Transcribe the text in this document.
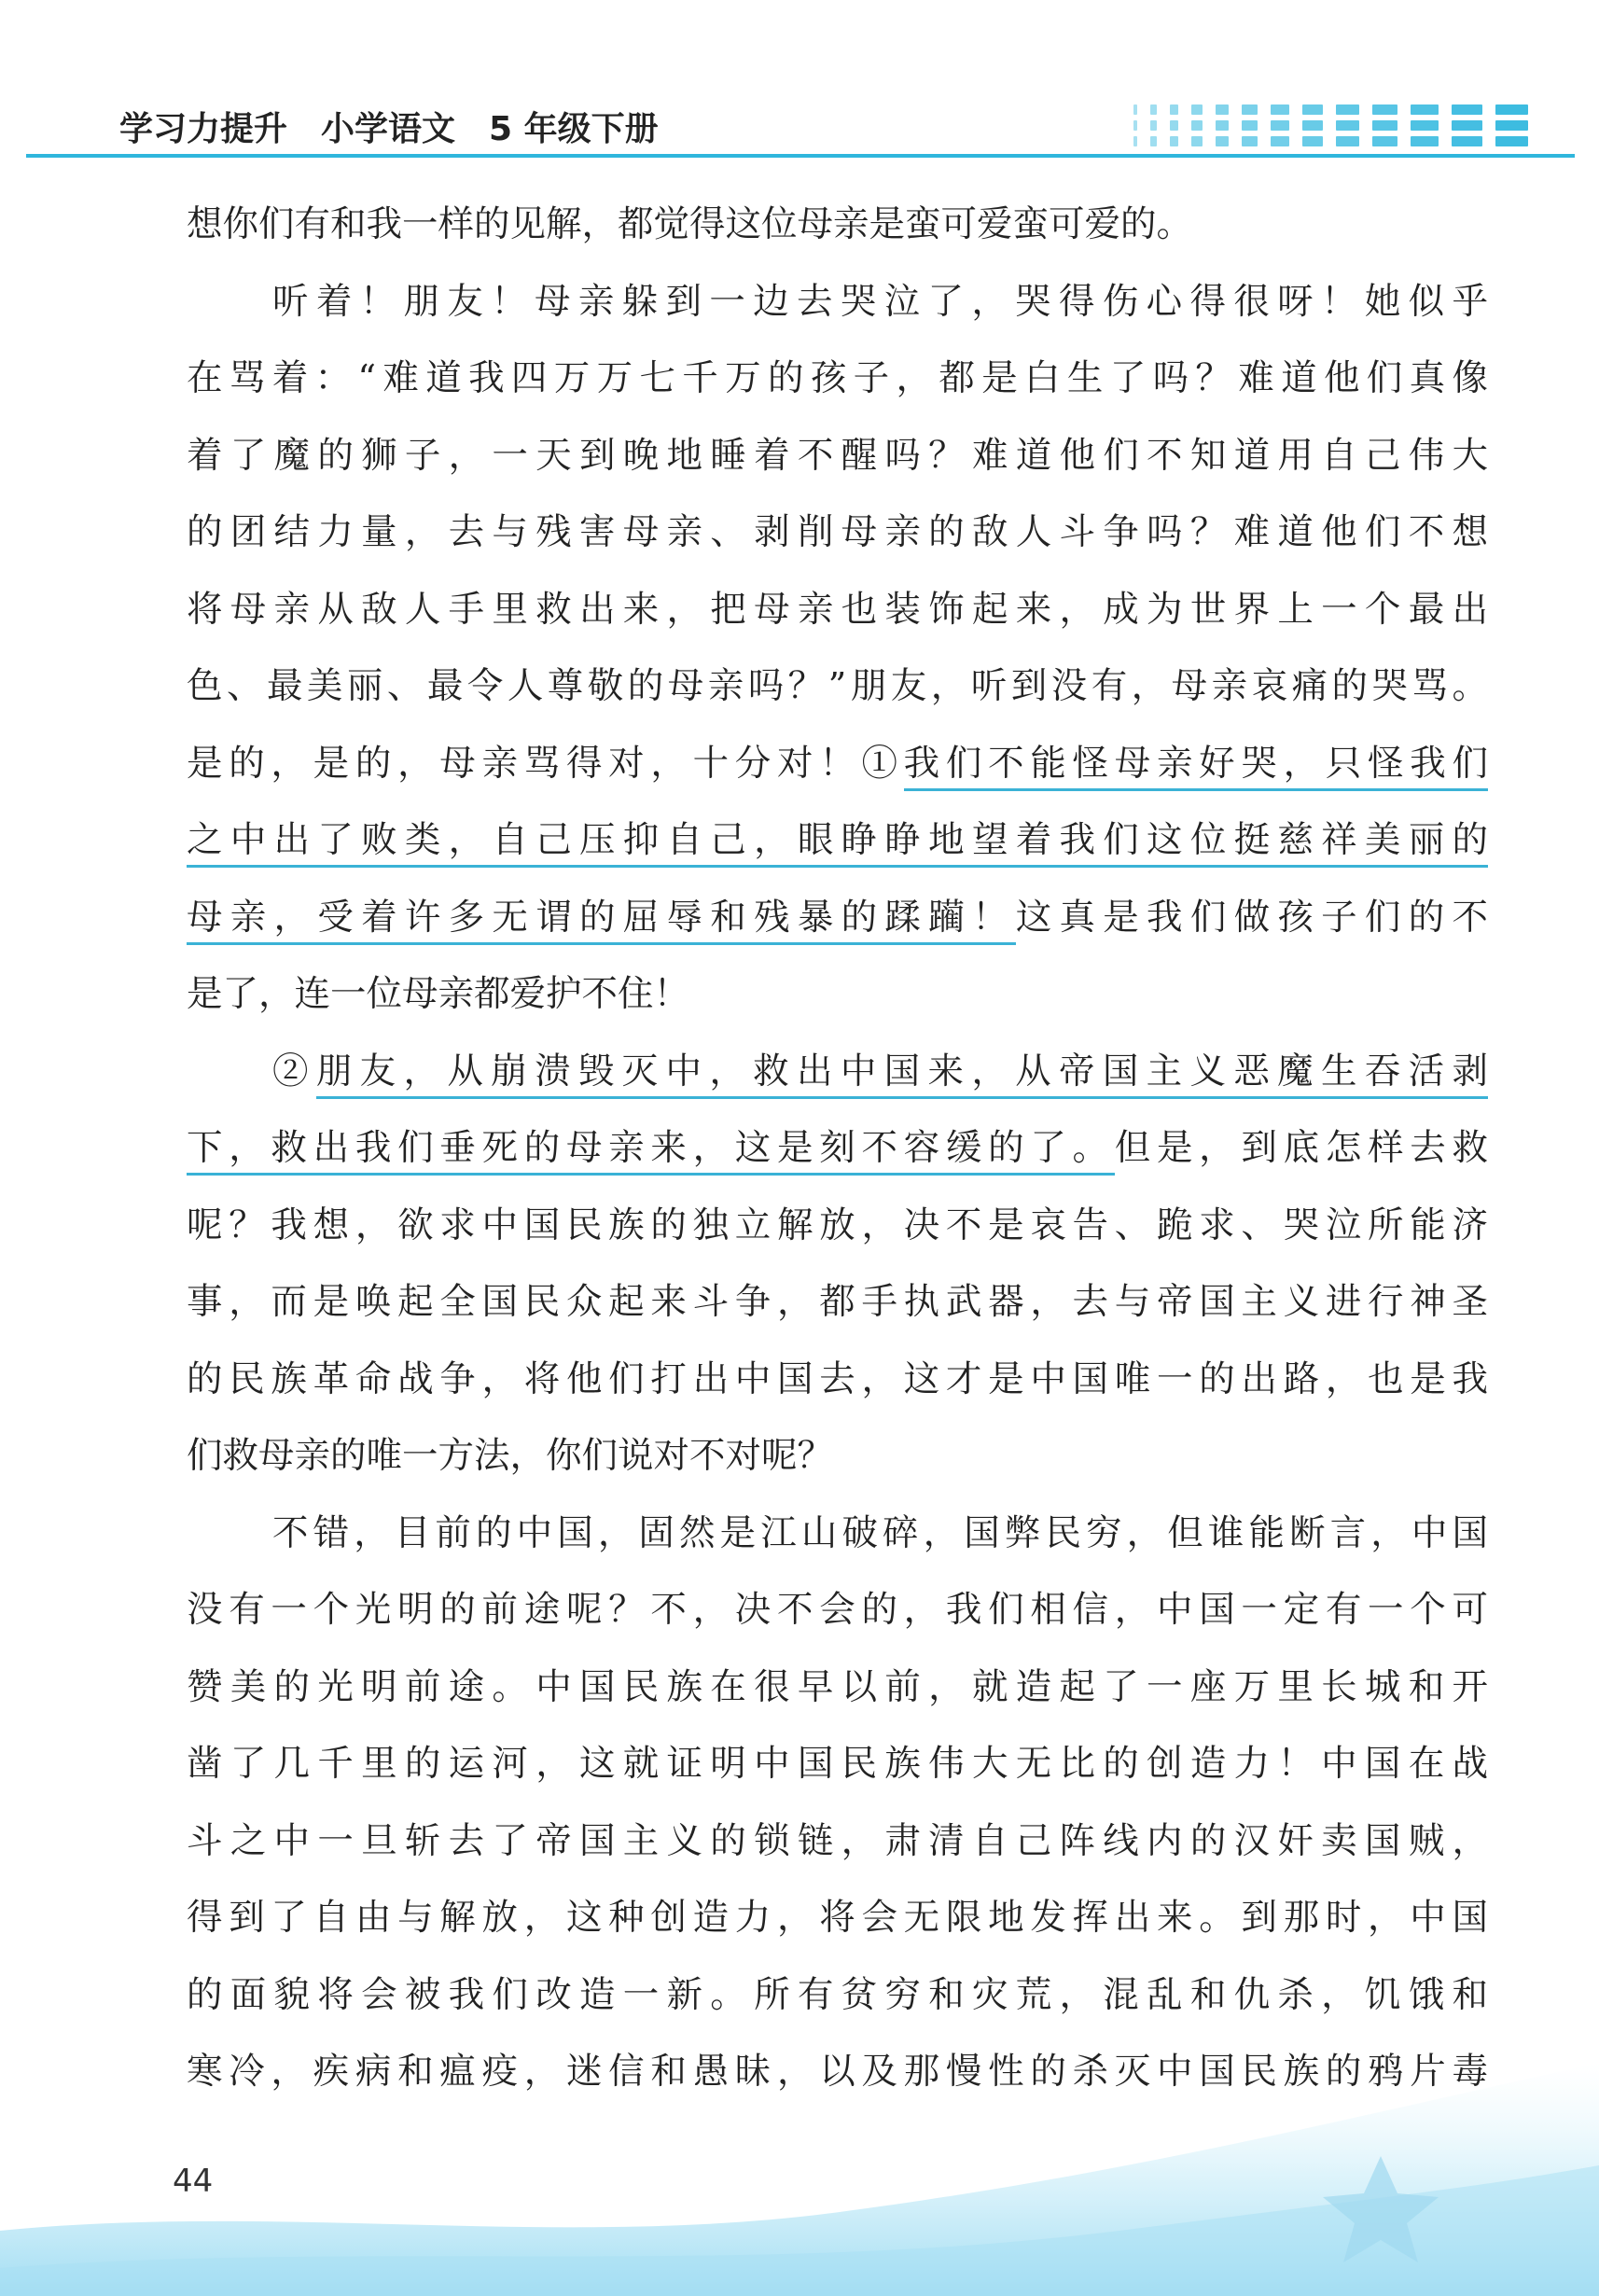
学习力提升　小学语文　5 年级下册
想你们有和我一样的见解，都觉得这位母亲是蛮可爱蛮可爱的。
听着！朋友！母亲躲到一边去哭泣了，哭得伤心得很呀！她似乎
在骂着：“难道我四万万七千万的孩子，都是白生了吗？难道他们真像
着了魔的狮子，一天到晚地睡着不醒吗？难道他们不知道用自己伟大
的团结力量，去与残害母亲、剥削母亲的敌人斗争吗？难道他们不想
将母亲从敌人手里救出来，把母亲也装饰起来，成为世界上一个最出
色、最美丽、最令人尊敬的母亲吗？”朋友，听到没有，母亲哀痛的哭骂。
是的，是的，母亲骂得对，十分对！①我们不能怪母亲好哭，只怪我们
之中出了败类，自己压抑自己，眼睁睁地望着我们这位挺慈祥美丽的
母亲，受着许多无谓的屈辱和残暴的蹂躏！这真是我们做孩子们的不
是了，连一位母亲都爱护不住！
②朋友，从崩溃毁灭中，救出中国来，从帝国主义恶魔生吞活剥
下，救出我们垂死的母亲来，这是刻不容缓的了。但是，到底怎样去救
呢？我想，欲求中国民族的独立解放，决不是哀告、跪求、哭泣所能济
事，而是唤起全国民众起来斗争，都手执武器，去与帝国主义进行神圣
的民族革命战争，将他们打出中国去，这才是中国唯一的出路，也是我
们救母亲的唯一方法，你们说对不对呢？
不错，目前的中国，固然是江山破碎，国弊民穷，但谁能断言，中国
没有一个光明的前途呢？不，决不会的，我们相信，中国一定有一个可
赞美的光明前途。中国民族在很早以前，就造起了一座万里长城和开
凿了几千里的运河，这就证明中国民族伟大无比的创造力！中国在战
斗之中一旦斩去了帝国主义的锁链，肃清自己阵线内的汉奸卖国贼，
得到了自由与解放，这种创造力，将会无限地发挥出来。到那时，中国
的面貌将会被我们改造一新。所有贫穷和灾荒，混乱和仇杀，饥饿和
寒冷，疾病和瘟疫，迷信和愚昧，以及那慢性的杀灭中国民族的鸦片毒
44
